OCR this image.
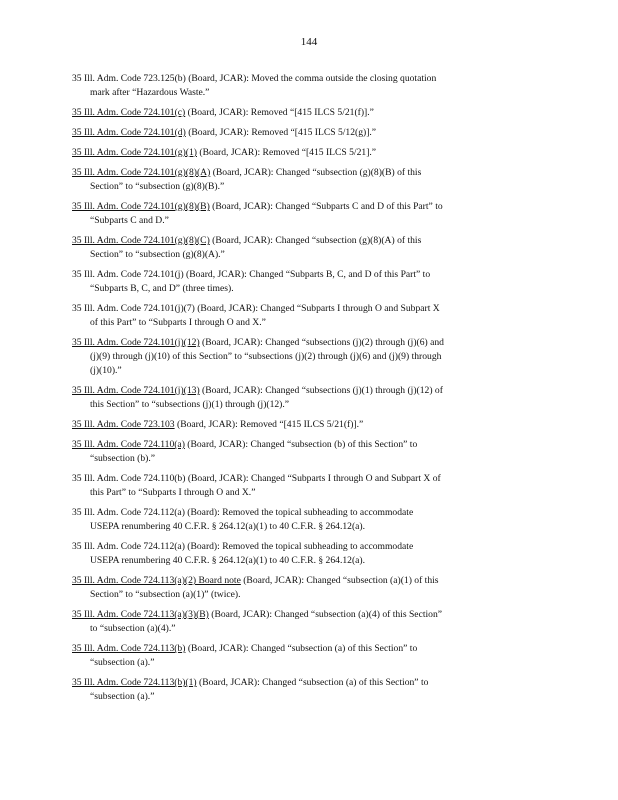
144
35 Ill. Adm. Code 723.125(b) (Board, JCAR): Moved the comma outside the closing quotation
mark after “Hazardous Waste.”
35 Ill. Adm. Code 724.101(c) (Board, JCAR): Removed “[415 ILCS 5/21(f)].”
35 Ill. Adm. Code 724.101(d) (Board, JCAR): Removed “[415 ILCS 5/12(g)].”
35 Ill. Adm. Code 724.101(g)(1) (Board, JCAR): Removed “[415 ILCS 5/21].”
35 Ill. Adm. Code 724.101(g)(8)(A) (Board, JCAR): Changed “subsection (g)(8)(B) of this
Section” to “subsection (g)(8)(B).”
35 Ill. Adm. Code 724.101(g)(8)(B) (Board, JCAR): Changed “Subparts C and D of this Part” to
“Subparts C and D.”
35 Ill. Adm. Code 724.101(g)(8)(C) (Board, JCAR): Changed “subsection (g)(8)(A) of this
Section” to “subsection (g)(8)(A).”
35 Ill. Adm. Code 724.101(j) (Board, JCAR): Changed “Subparts B, C, and D of this Part” to
“Subparts B, C, and D” (three times).
35 Ill. Adm. Code 724.101(j)(7) (Board, JCAR): Changed “Subparts I through O and Subpart X
of this Part” to “Subparts I through O and X.”
35 Ill. Adm. Code 724.101(j)(12) (Board, JCAR): Changed “subsections (j)(2) through (j)(6) and
(j)(9) through (j)(10) of this Section” to “subsections (j)(2) through (j)(6) and (j)(9) through
(j)(10).”
35 Ill. Adm. Code 724.101(j)(13) (Board, JCAR): Changed “subsections (j)(1) through (j)(12) of
this Section” to “subsections (j)(1) through (j)(12).”
35 Ill. Adm. Code 723.103 (Board, JCAR): Removed “[415 ILCS 5/21(f)].”
35 Ill. Adm. Code 724.110(a) (Board, JCAR): Changed “subsection (b) of this Section” to
“subsection (b).”
35 Ill. Adm. Code 724.110(b) (Board, JCAR): Changed “Subparts I through O and Subpart X of
this Part” to “Subparts I through O and X.”
35 Ill. Adm. Code 724.112(a) (Board): Removed the topical subheading to accommodate
USEPA renumbering 40 C.F.R. § 264.12(a)(1) to 40 C.F.R. § 264.12(a).
35 Ill. Adm. Code 724.112(a) (Board): Removed the topical subheading to accommodate
USEPA renumbering 40 C.F.R. § 264.12(a)(1) to 40 C.F.R. § 264.12(a).
35 Ill. Adm. Code 724.113(a)(2) Board note (Board, JCAR): Changed “subsection (a)(1) of this
Section” to “subsection (a)(1)” (twice).
35 Ill. Adm. Code 724.113(a)(3)(B) (Board, JCAR): Changed “subsection (a)(4) of this Section”
to “subsection (a)(4).”
35 Ill. Adm. Code 724.113(b) (Board, JCAR): Changed “subsection (a) of this Section” to
“subsection (a).”
35 Ill. Adm. Code 724.113(b)(1) (Board, JCAR): Changed “subsection (a) of this Section” to
“subsection (a).”
